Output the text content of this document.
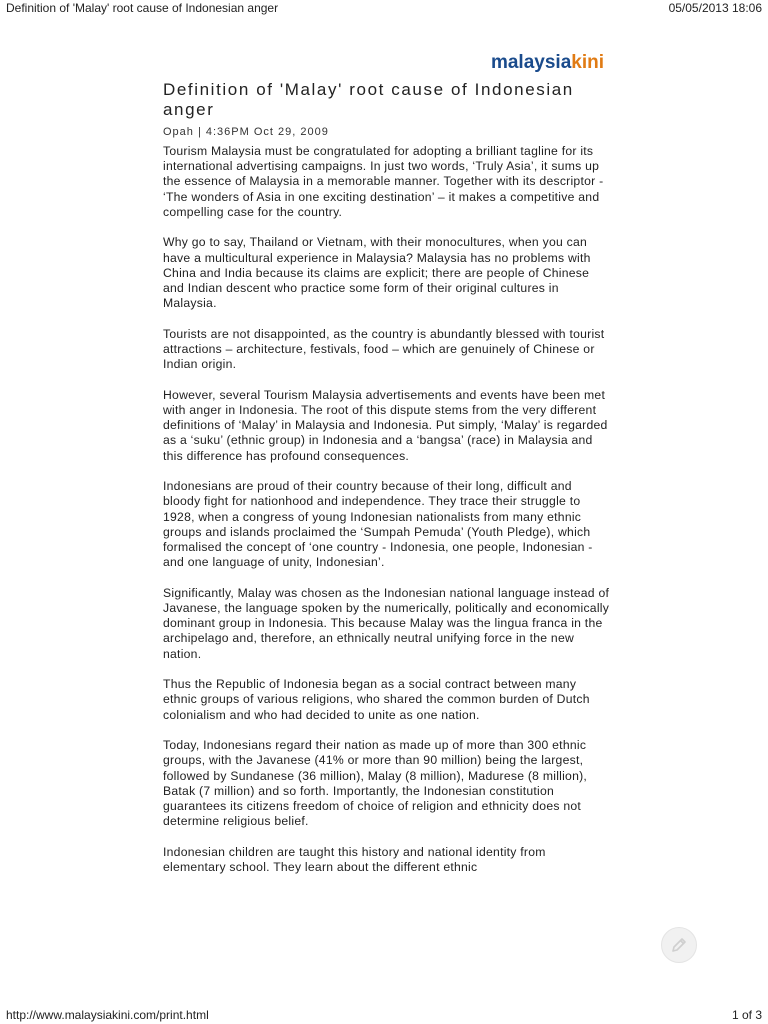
Definition of 'Malay' root cause of Indonesian anger	05/05/2013 18:06
malaysiakini
Definition of 'Malay' root cause of Indonesian anger
Opah | 4:36PM Oct 29, 2009

Tourism Malaysia must be congratulated for adopting a brilliant tagline for its international advertising campaigns. In just two words, ‘Truly Asia’, it sums up the essence of Malaysia in a memorable manner. Together with its descriptor - ‘The wonders of Asia in one exciting destination’ – it makes a competitive and compelling case for the country.

Why go to say, Thailand or Vietnam, with their monocultures, when you can have a multicultural experience in Malaysia? Malaysia has no problems with China and India because its claims are explicit; there are people of Chinese and Indian descent who practice some form of their original cultures in Malaysia.

Tourists are not disappointed, as the country is abundantly blessed with tourist attractions – architecture, festivals, food – which are genuinely of Chinese or Indian origin.

However, several Tourism Malaysia advertisements and events have been met with anger in Indonesia. The root of this dispute stems from the very different definitions of ‘Malay’ in Malaysia and Indonesia. Put simply, ‘Malay’ is regarded as a ‘suku’ (ethnic group) in Indonesia and a ‘bangsa’ (race) in Malaysia and this difference has profound consequences.

Indonesians are proud of their country because of their long, difficult and bloody fight for nationhood and independence. They trace their struggle to 1928, when a congress of young Indonesian nationalists from many ethnic groups and islands proclaimed the ‘Sumpah Pemuda’ (Youth Pledge), which formalised the concept of ‘one country - Indonesia, one people, Indonesian - and one language of unity, Indonesian’.

Significantly, Malay was chosen as the Indonesian national language instead of Javanese, the language spoken by the numerically, politically and economically dominant group in Indonesia. This because Malay was the lingua franca in the archipelago and, therefore, an ethnically neutral unifying force in the new nation.

Thus the Republic of Indonesia began as a social contract between many ethnic groups of various religions, who shared the common burden of Dutch colonialism and who had decided to unite as one nation.

Today, Indonesians regard their nation as made up of more than 300 ethnic groups, with the Javanese (41% or more than 90 million) being the largest, followed by Sundanese (36 million), Malay (8 million), Madurese (8 million), Batak (7 million) and so forth. Importantly, the Indonesian constitution guarantees its citizens freedom of choice of religion and ethnicity does not determine religious belief.

Indonesian children are taught this history and national identity from elementary school. They learn about the different ethnic

http://www.malaysiakini.com/print.html	1 of 3
